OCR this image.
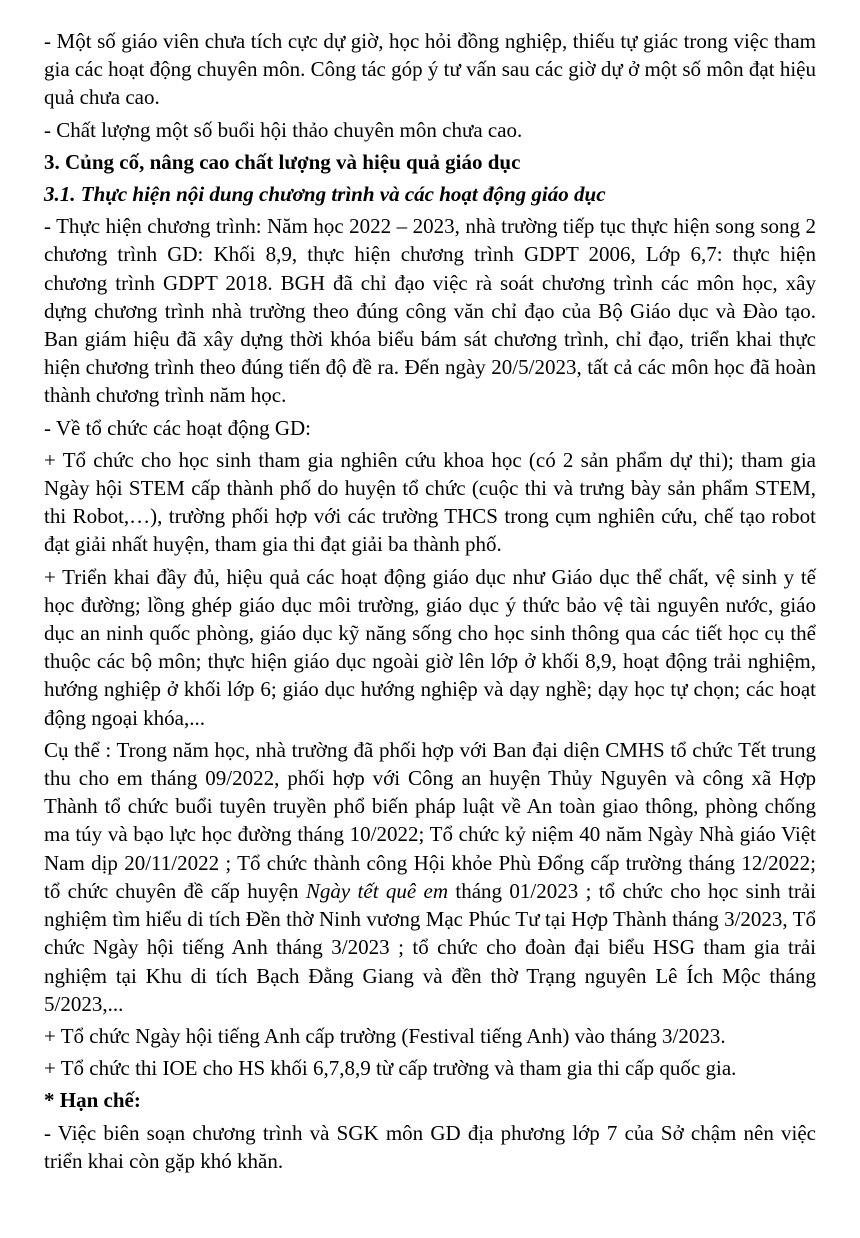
- Một số giáo viên chưa tích cực dự giờ, học hỏi đồng nghiệp, thiếu tự giác trong việc tham gia các hoạt động chuyên môn. Công tác góp ý tư vấn sau các giờ dự ở một số môn đạt hiệu quả chưa cao.

- Chất lượng một số buổi hội thảo chuyên môn chưa cao.

3. Củng cố, nâng cao chất lượng và hiệu quả giáo dục

3.1. Thực hiện nội dung chương trình và các hoạt động giáo dục

- Thực hiện chương trình: Năm học 2022 – 2023, nhà trường tiếp tục thực hiện song song 2 chương trình GD: Khối 8,9, thực hiện chương trình GDPT 2006, Lớp 6,7: thực hiện chương trình GDPT 2018. BGH đã chỉ đạo việc rà soát chương trình các môn học, xây dựng chương trình nhà trường theo đúng công văn chỉ đạo của Bộ Giáo dục và Đào tạo. Ban giám hiệu đã xây dựng thời khóa biểu bám sát chương trình, chỉ đạo, triển khai thực hiện chương trình theo đúng tiến độ đề ra. Đến ngày 20/5/2023, tất cả các môn học đã hoàn thành chương trình năm học.

- Về tổ chức các hoạt động GD:

+ Tổ chức cho học sinh tham gia nghiên cứu khoa học (có 2 sản phẩm dự thi); tham gia Ngày hội STEM cấp thành phố do huyện tổ chức (cuộc thi và trưng bày sản phẩm STEM, thi Robot,…), trường phối hợp với các trường THCS trong cụm nghiên cứu, chế tạo robot đạt giải nhất huyện, tham gia thi đạt giải ba thành phố.

+ Triển khai đầy đủ, hiệu quả các hoạt động giáo dục như Giáo dục thể chất, vệ sinh y tế học đường; lồng ghép giáo dục môi trường, giáo dục ý thức bảo vệ tài nguyên nước, giáo dục an ninh quốc phòng, giáo dục kỹ năng sống cho học sinh thông qua các tiết học cụ thể thuộc các bộ môn; thực hiện giáo dục ngoài giờ lên lớp ở khối 8,9, hoạt động trải nghiệm, hướng nghiệp ở khối lớp 6; giáo dục hướng nghiệp và dạy nghề; dạy học tự chọn; các hoạt động ngoại khóa,...

Cụ thể : Trong năm học, nhà trường đã phối hợp với Ban đại diện CMHS tổ chức Tết trung thu cho em tháng 09/2022, phối hợp với Công an huyện Thủy Nguyên và công xã Hợp Thành tổ chức buổi tuyên truyền phổ biến pháp luật về An toàn giao thông, phòng chống ma túy và bạo lực học đường tháng 10/2022; Tổ chức kỷ niệm 40 năm Ngày Nhà giáo Việt Nam dịp 20/11/2022 ; Tổ chức thành công Hội khỏe Phù Đổng cấp trường tháng 12/2022; tổ chức chuyên đề cấp huyện Ngày tết quê em tháng 01/2023 ; tổ chức cho học sinh trải nghiệm tìm hiểu di tích Đền thờ Ninh vương Mạc Phúc Tư tại Hợp Thành tháng 3/2023, Tổ chức Ngày hội tiếng Anh tháng 3/2023 ; tổ chức cho đoàn đại biểu HSG tham gia trải nghiệm tại Khu di tích Bạch Đằng Giang và đền thờ Trạng nguyên Lê Ích Mộc tháng 5/2023,...

+ Tổ chức Ngày hội tiếng Anh cấp trường (Festival tiếng Anh) vào tháng 3/2023.

+ Tổ chức thi IOE cho HS khối 6,7,8,9 từ cấp trường và tham gia thi cấp quốc gia.

* Hạn chế:

- Việc biên soạn chương trình và SGK môn GD địa phương lớp 7 của Sở chậm nên việc triển khai còn gặp khó khăn.
